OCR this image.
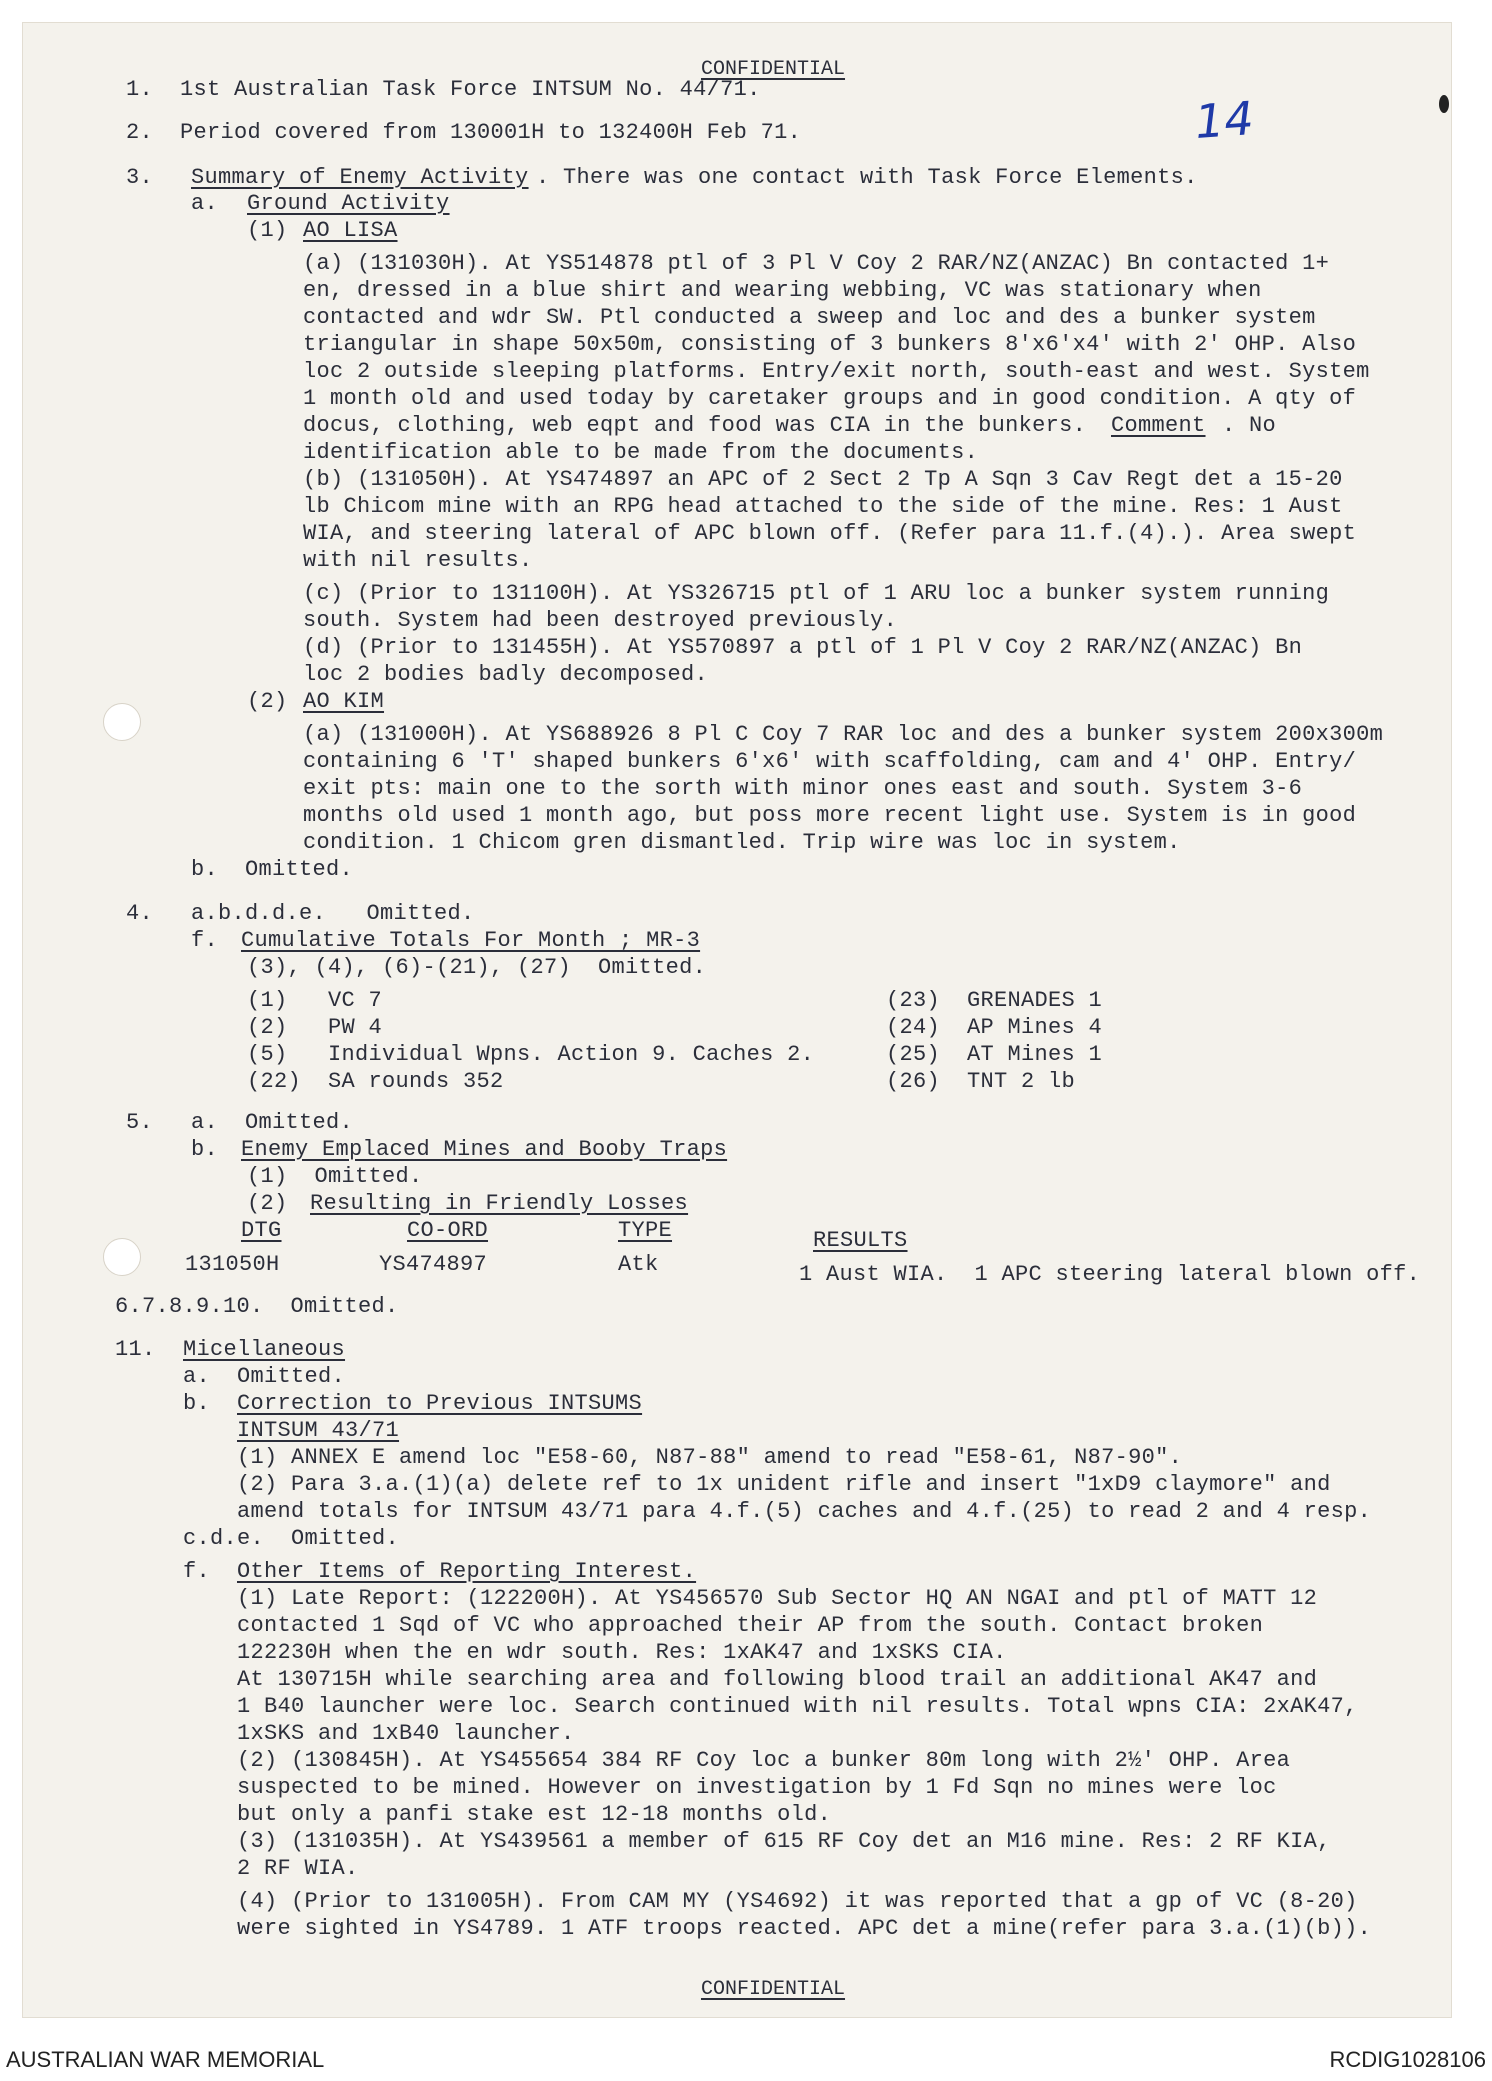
CONFIDENTIAL
14
1.  1st Australian Task Force INTSUM No. 44/71.
2.  Period covered from 130001H to 132400H Feb 71.
3. Summary of Enemy Activity . There was one contact with Task Force Elements.
a. Ground Activity
(1) AO LISA
(a) (131030H). At YS514878 ptl of 3 Pl V Coy 2 RAR/NZ(ANZAC) Bn contacted 1+
en, dressed in a blue shirt and wearing webbing, VC was stationary when
contacted and wdr SW. Ptl conducted a sweep and loc and des a bunker system
triangular in shape 50x50m, consisting of 3 bunkers 8'x6'x4' with 2' OHP. Also
loc 2 outside sleeping platforms. Entry/exit north, south-east and west. System
1 month old and used today by caretaker groups and in good condition. A qty of
docus, clothing, web eqpt and food was CIA in the bunkers. Comment . No
identification able to be made from the documents.
(b) (131050H). At YS474897 an APC of 2 Sect 2 Tp A Sqn 3 Cav Regt det a 15-20
lb Chicom mine with an RPG head attached to the side of the mine. Res: 1 Aust
WIA, and steering lateral of APC blown off. (Refer para 11.f.(4).). Area swept
with nil results.
(c) (Prior to 131100H). At YS326715 ptl of 1 ARU loc a bunker system running
south. System had been destroyed previously.
(d) (Prior to 131455H). At YS570897 a ptl of 1 Pl V Coy 2 RAR/NZ(ANZAC) Bn
loc 2 bodies badly decomposed.
(2) AO KIM
(a) (131000H). At YS688926 8 Pl C Coy 7 RAR loc and des a bunker system 200x300m
containing 6 'T' shaped bunkers 6'x6' with scaffolding, cam and 4' OHP. Entry/
exit pts: main one to the sorth with minor ones east and south. System 3-6
months old used 1 month ago, but poss more recent light use. System is in good
condition. 1 Chicom gren dismantled. Trip wire was loc in system.
b.  Omitted.
4. a.b.d.d.e.   Omitted.
f.
Cumulative Totals For Month ; MR-3
(3), (4), (6)-(21), (27)  Omitted.
(1)   VC 7
(2)   PW 4
(5)   Individual Wpns. Action 9. Caches 2.
(22)  SA rounds 352
(23)  GRENADES 1
(24)  AP Mines 4
(25)  AT Mines 1
(26)  TNT 2 lb
5. a.  Omitted.
b.
Enemy Emplaced Mines and Booby Traps
(1)  Omitted.
(2)
Resulting in Friendly Losses
DTG	CO-ORD	TYPE	RESULTS
131050H	YS474897	Atk	1 Aust WIA.  1 APC steering lateral blown off.
6.7.8.9.10.  Omitted.
11. Micellaneous
a.  Omitted.
b. Correction to Previous INTSUMS
INTSUM 43/71
(1) ANNEX E amend loc "E58-60, N87-88" amend to read "E58-61, N87-90".
(2) Para 3.a.(1)(a) delete ref to 1x unident rifle and insert "1xD9 claymore" and
amend totals for INTSUM 43/71 para 4.f.(5) caches and 4.f.(25) to read 2 and 4 resp.
c.d.e.  Omitted.
f. Other Items of Reporting Interest.
(1) Late Report: (122200H). At YS456570 Sub Sector HQ AN NGAI and ptl of MATT 12
contacted 1 Sqd of VC who approached their AP from the south. Contact broken
122230H when the en wdr south. Res: 1xAK47 and 1xSKS CIA.
At 130715H while searching area and following blood trail an additional AK47 and
1 B40 launcher were loc. Search continued with nil results. Total wpns CIA: 2xAK47,
1xSKS and 1xB40 launcher.
(2) (130845H). At YS455654 384 RF Coy loc a bunker 80m long with 2½' OHP. Area
suspected to be mined. However on investigation by 1 Fd Sqn no mines were loc
but only a panfi stake est 12-18 months old.
(3) (131035H). At YS439561 a member of 615 RF Coy det an M16 mine. Res: 2 RF KIA,
2 RF WIA.
(4) (Prior to 131005H). From CAM MY (YS4692) it was reported that a gp of VC (8-20)
were sighted in YS4789. 1 ATF troops reacted. APC det a mine(refer para 3.a.(1)(b)).
CONFIDENTIAL
AUSTRALIAN WAR MEMORIAL	RCDIG1028106
